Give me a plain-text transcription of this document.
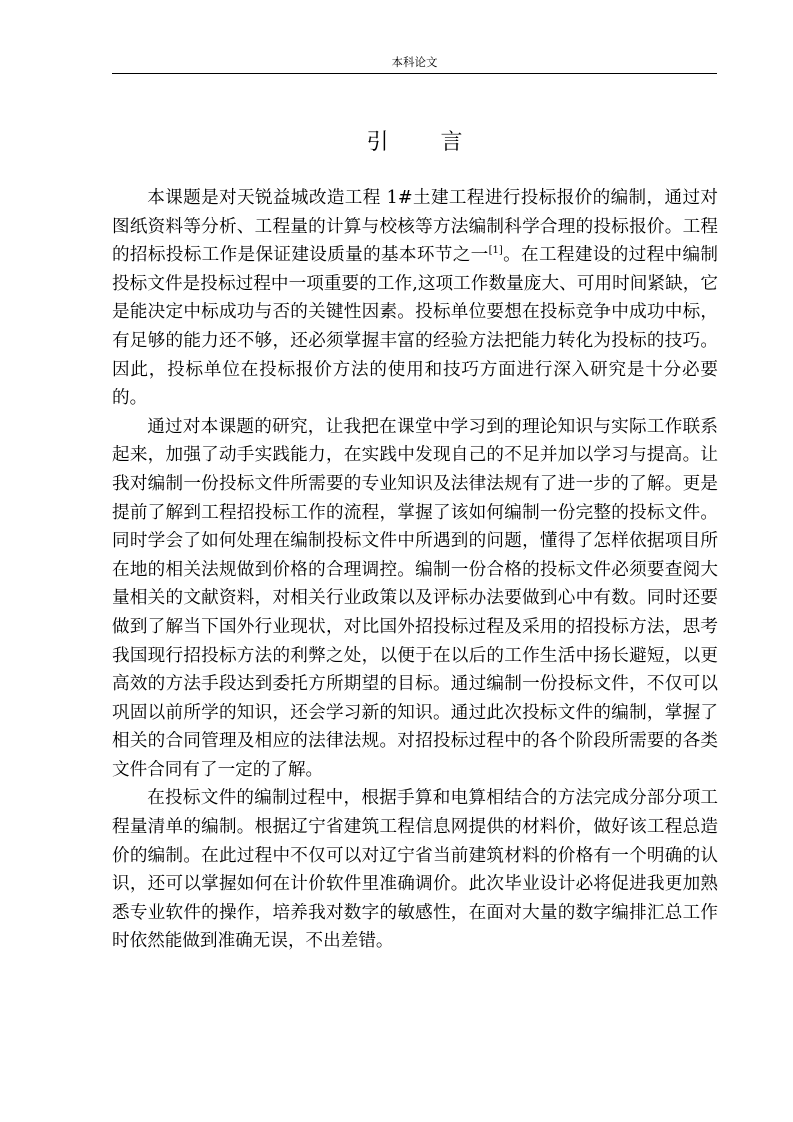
本科论文
引 言

本课题是对天锐益城改造工程 1#土建工程进行投标报价的编制，通过对图纸资料等分析、工程量的计算与校核等方法编制科学合理的投标报价。工程的招标投标工作是保证建设质量的基本环节之一[1]。在工程建设的过程中编制投标文件是投标过程中一项重要的工作,这项工作数量庞大、可用时间紧缺，它是能决定中标成功与否的关键性因素。投标单位要想在投标竞争中成功中标，有足够的能力还不够，还必须掌握丰富的经验方法把能力转化为投标的技巧。因此，投标单位在投标报价方法的使用和技巧方面进行深入研究是十分必要的。

通过对本课题的研究，让我把在课堂中学习到的理论知识与实际工作联系起来，加强了动手实践能力，在实践中发现自己的不足并加以学习与提高。让我对编制一份投标文件所需要的专业知识及法律法规有了进一步的了解。更是提前了解到工程招投标工作的流程，掌握了该如何编制一份完整的投标文件。同时学会了如何处理在编制投标文件中所遇到的问题，懂得了怎样依据项目所在地的相关法规做到价格的合理调控。编制一份合格的投标文件必须要查阅大量相关的文献资料，对相关行业政策以及评标办法要做到心中有数。同时还要做到了解当下国外行业现状，对比国外招投标过程及采用的招投标方法，思考我国现行招投标方法的利弊之处，以便于在以后的工作生活中扬长避短，以更高效的方法手段达到委托方所期望的目标。通过编制一份投标文件，不仅可以巩固以前所学的知识，还会学习新的知识。通过此次投标文件的编制，掌握了相关的合同管理及相应的法律法规。对招投标过程中的各个阶段所需要的各类文件合同有了一定的了解。

在投标文件的编制过程中，根据手算和电算相结合的方法完成分部分项工程量清单的编制。根据辽宁省建筑工程信息网提供的材料价，做好该工程总造价的编制。在此过程中不仅可以对辽宁省当前建筑材料的价格有一个明确的认识，还可以掌握如何在计价软件里准确调价。此次毕业设计必将促进我更加熟悉专业软件的操作，培养我对数字的敏感性，在面对大量的数字编排汇总工作时依然能做到准确无误，不出差错。
